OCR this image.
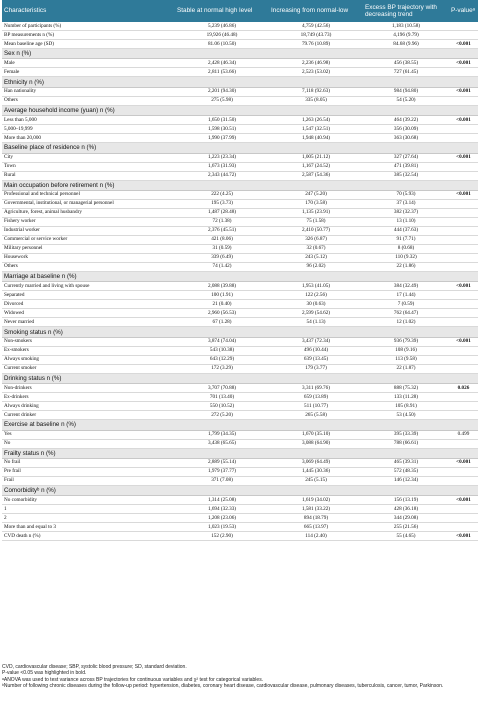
Characteristics	Stable at normal high level	Increasing from normal-low	Excess BP trajectory with decreasing trend	P-valueᵃ
Number of participants (%)	5,239 (46.86)	4,759 (42.56)	1,183 (10.58)	
BP measurements n (%)	19,926 (46.48)	18,749 (43.73)	4,196 (9.79)	
Mean baseline age (SD)	81.06 (10.50)	79.76 (10.89)	84.68 (9.96)	<0.001
Sex n (%)				
Male	2,428 (46.34)	2,236 (46.98)	456 (38.55)	<0.001
Female	2,811 (53.66)	2,523 (53.02)	727 (61.45)	
Ethnicity n (%)				
Han nationality	2,201 (94.30)	7,118 (92.63)	984 (94.80)	<0.001
Others	275 (5.98)	335 (8.05)	54 (5.20)	
Average household income (yuan) n (%)				
Less than 5,000	1,650 (31.50)	1,263 (26.54)	464 (39.22)	<0.001
5,000–19,999	1,598 (30.51)	1,547 (32.51)	356 (30.09)	
More than 20,000	1,990 (37.99)	1,948 (40.94)	363 (30.68)	
Baseline place of residence n (%)				
City	1,223 (23.34)	1,005 (21.12)	327 (27.64)	<0.001
Town	1,673 (31.93)	1,167 (24.52)	471 (39.81)	
Rural	2,343 (44.72)	2,587 (54.36)	385 (32.54)	
Main occupation before retirement n (%)				
Professional and technical personnel	222 (4.25)	247 (5.20)	70 (5.93)	<0.001
Governmental, institutional, or managerial personnel	195 (3.73)	170 (3.58)	37 (3.14)	
Agriculture, forest, animal husbandry	1,487 (28.48)	1,135 (23.91)	382 (32.37)	
Fishery worker	72 (1.38)	75 (1.58)	13 (1.10)	
Industrial worker	2,376 (45.51)	2,410 (50.77)	444 (37.63)	
Commercial or service worker	421 (8.06)	326 (6.87)	91 (7.71)	
Military personnel	31 (0.59)	32 (0.67)	8 (0.68)	
Housework	339 (6.49)	243 (5.12)	110 (9.32)	
Others	74 (1.42)	96 (2.02)	22 (1.86)	
Marriage at baseline n (%)				
Currently married and living with spouse	2,088 (39.88)	1,953 (41.05)	384 (32.49)	<0.001
Separated	100 (1.91)	122 (2.56)	17 (1.44)	
Divorced	21 (0.40)	30 (0.63)	7 (0.59)	
Widowed	2,960 (56.53)	2,599 (54.62)	762 (64.47)	
Never married	67 (1.28)	54 (1.13)	12 (1.02)	
Smoking status n (%)				
Non-smokers	3,874 (74.04)	3,437 (72.34)	936 (79.39)	<0.001
Ex-smokers	543 (10.38)	496 (10.44)	108 (9.16)	
Always smoking	643 (12.29)	639 (13.45)	113 (9.58)	
Current smoker	172 (3.29)	179 (3.77)	22 (1.87)	
Drinking status n (%)				
Non-drinkers	3,707 (70.88)	3,311 (69.76)	888 (75.32)	0.026
Ex-drinkers	701 (13.40)	659 (13.89)	133 (11.28)	
Always drinking	550 (10.52)	511 (10.77)	105 (8.91)	
Current drinker	272 (5.20)	265 (5.58)	53 (4.50)	
Exercise at baseline n (%)				
Yes	1,799 (34.35)	1,670 (35.10)	395 (33.39)	0.499
No	3,438 (65.65)	3,088 (64.90)	788 (66.61)	
Frailty status n (%)				
No frail	2,889 (55.14)	3,069 (64.49)	465 (39.31)	<0.001
Pre frail	1,979 (37.77)	1,445 (30.36)	572 (48.35)	
Frail	371 (7.08)	245 (5.15)	146 (12.34)	
Comorbidityᵇ n (%)				
No comorbidity	1,314 (25.08)	1,619 (34.02)	156 (13.19)	<0.001
1	1,694 (32.33)	1,581 (33.22)	428 (36.18)	
2	1,208 (23.06)	894 (18.79)	344 (29.08)	
More than and equal to 3	1,023 (19.53)	665 (13.97)	255 (21.56)	
CVD death n (%)	152 (2.90)	114 (2.40)	55 (4.65)	<0.001
CVD, cardiovascular disease; SBP, systolic blood pressure; SD, standard deviation.
P-value <0.05 was highlighted in bold.
ᵃANOVA was used to test variance across BP trajectories for continuous variables and χ² test for categorical variables.
ᵇNumber of following chronic diseases during the follow-up period: hypertension, diabetes, coronary heart disease, cardiovascular disease, pulmonary diseases, tuberculosis, cancer, tumor, Parkinson.
